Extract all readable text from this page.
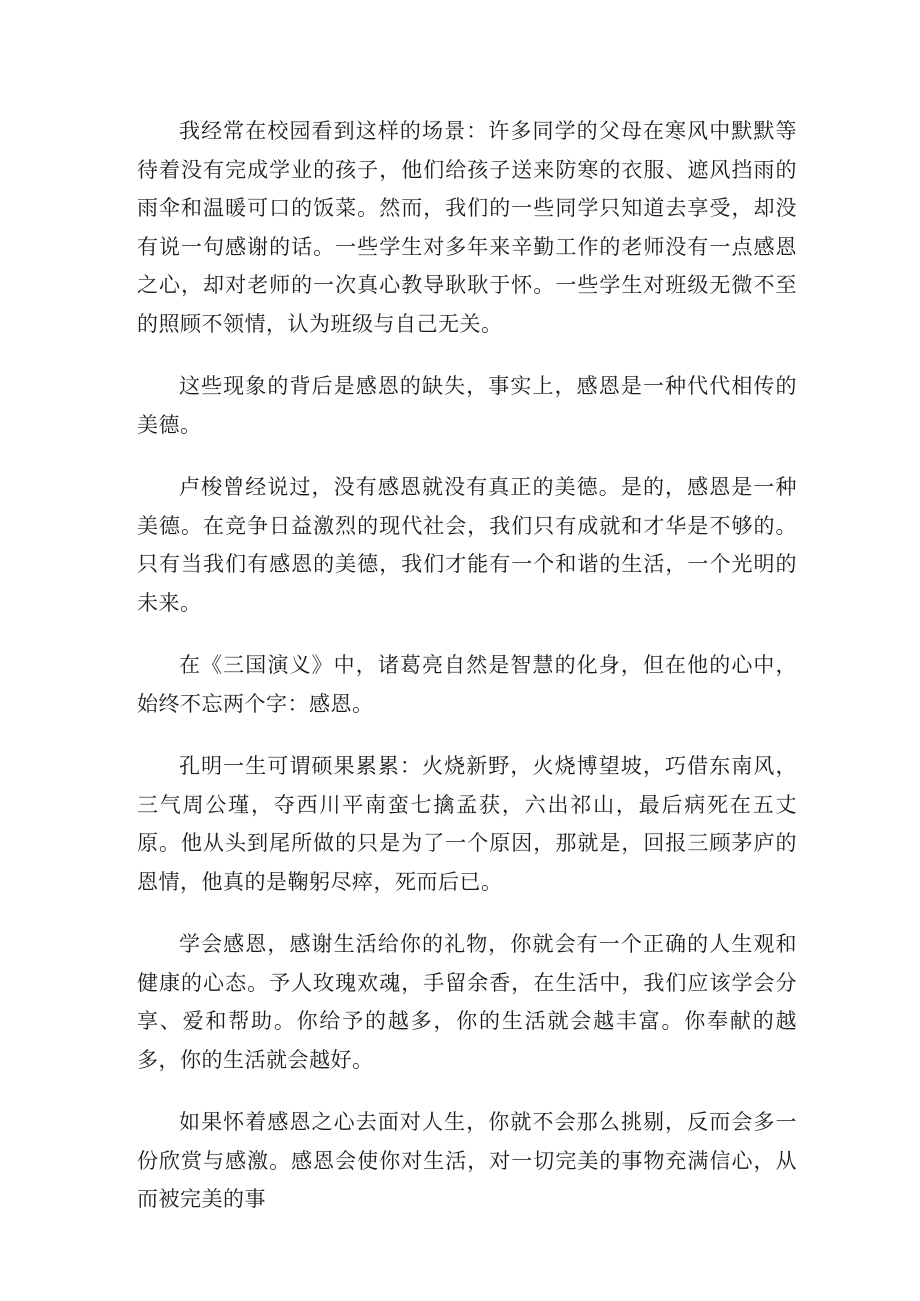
我经常在校园看到这样的场景：许多同学的父母在寒风中默默等待着没有完成学业的孩子，他们给孩子送来防寒的衣服、遮风挡雨的雨伞和温暖可口的饭菜。然而，我们的一些同学只知道去享受，却没有说一句感谢的话。一些学生对多年来辛勤工作的老师没有一点感恩之心，却对老师的一次真心教导耿耿于怀。一些学生对班级无微不至的照顾不领情，认为班级与自己无关。

这些现象的背后是感恩的缺失，事实上，感恩是一种代代相传的美德。

卢梭曾经说过，没有感恩就没有真正的美德。是的，感恩是一种美德。在竞争日益激烈的现代社会，我们只有成就和才华是不够的。只有当我们有感恩的美德，我们才能有一个和谐的生活，一个光明的未来。

在《三国演义》中，诸葛亮自然是智慧的化身，但在他的心中，始终不忘两个字：感恩。

孔明一生可谓硕果累累：火烧新野，火烧博望坡，巧借东南风，三气周公瑾，夺西川平南蛮七擒孟获，六出祁山，最后病死在五丈原。他从头到尾所做的只是为了一个原因，那就是，回报三顾茅庐的恩情，他真的是鞠躬尽瘁，死而后已。

学会感恩，感谢生活给你的礼物，你就会有一个正确的人生观和健康的心态。予人玫瑰欢魂，手留余香，在生活中，我们应该学会分享、爱和帮助。你给予的越多，你的生活就会越丰富。你奉献的越多，你的生活就会越好。

如果怀着感恩之心去面对人生，你就不会那么挑剔，反而会多一份欣赏与感激。感恩会使你对生活，对一切完美的事物充满信心，从而被完美的事
